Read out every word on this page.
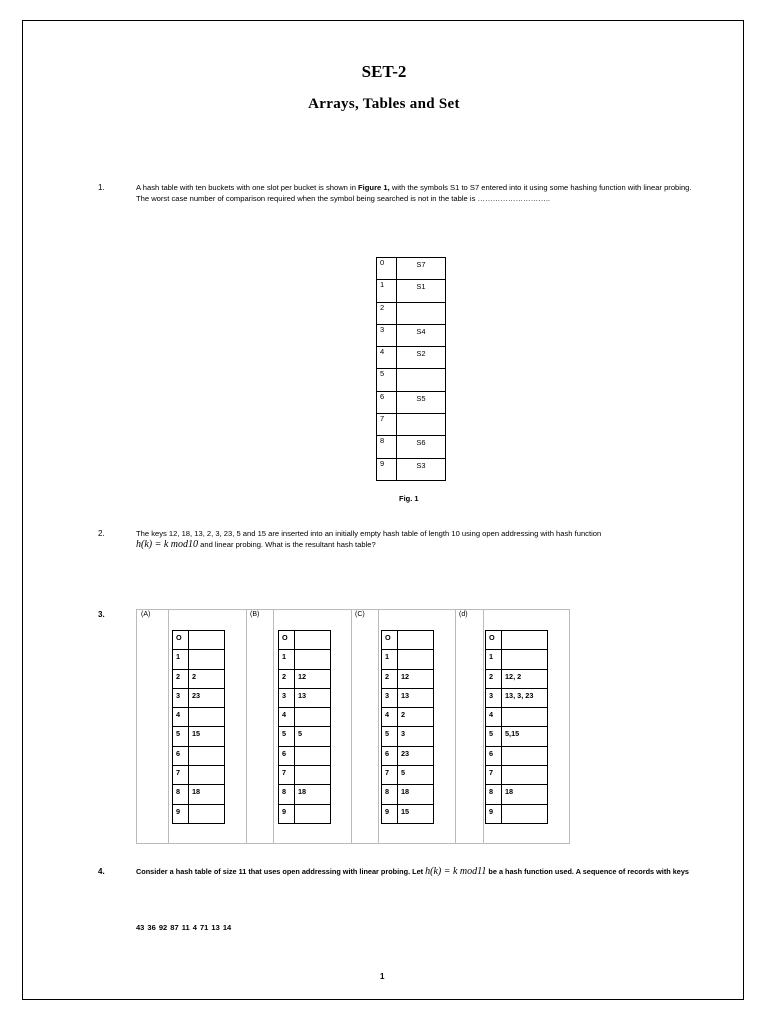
SET-2
Arrays, Tables and Set
1.	A hash table with ten buckets with one slot per bucket is shown in Figure 1, with the symbols S1 to S7 entered into it using some hashing function with linear probing. The worst case number of comparison required when the symbol being searched is not in the table is ………………………..
0	S7
1	S1
2	
3	S4
4	S2
5	
6	S5
7	
8	S6
9	S3
Fig. 1
2.	The keys 12, 18, 13, 2, 3, 23, 5 and 15 are inserted into an initially empty hash table of length 10 using open addressing with hash function
h(k) = k mod10 and linear probing. What is the resultant hash table?
3.	(A)	(B)	(C)	(d)
O	
1	
2	2
3	23
4	
5	15
6	
7	
8	18
9	
O	
1	
2	12
3	13
4	
5	5
6	
7	
8	18
9	
O	
1	
2	12
3	13
4	2
5	3
6	23
7	5
8	18
9	15
O	
1	
2	12, 2
3	13, 3, 23
4	
5	5,15
6	
7	
8	18
9	
4.	Consider a hash table of size 11 that uses open addressing with linear probing. Let h(k) = k mod11 be a hash function used. A sequence of records with keys
43 36 92 87 11 4 71 13 14
1
